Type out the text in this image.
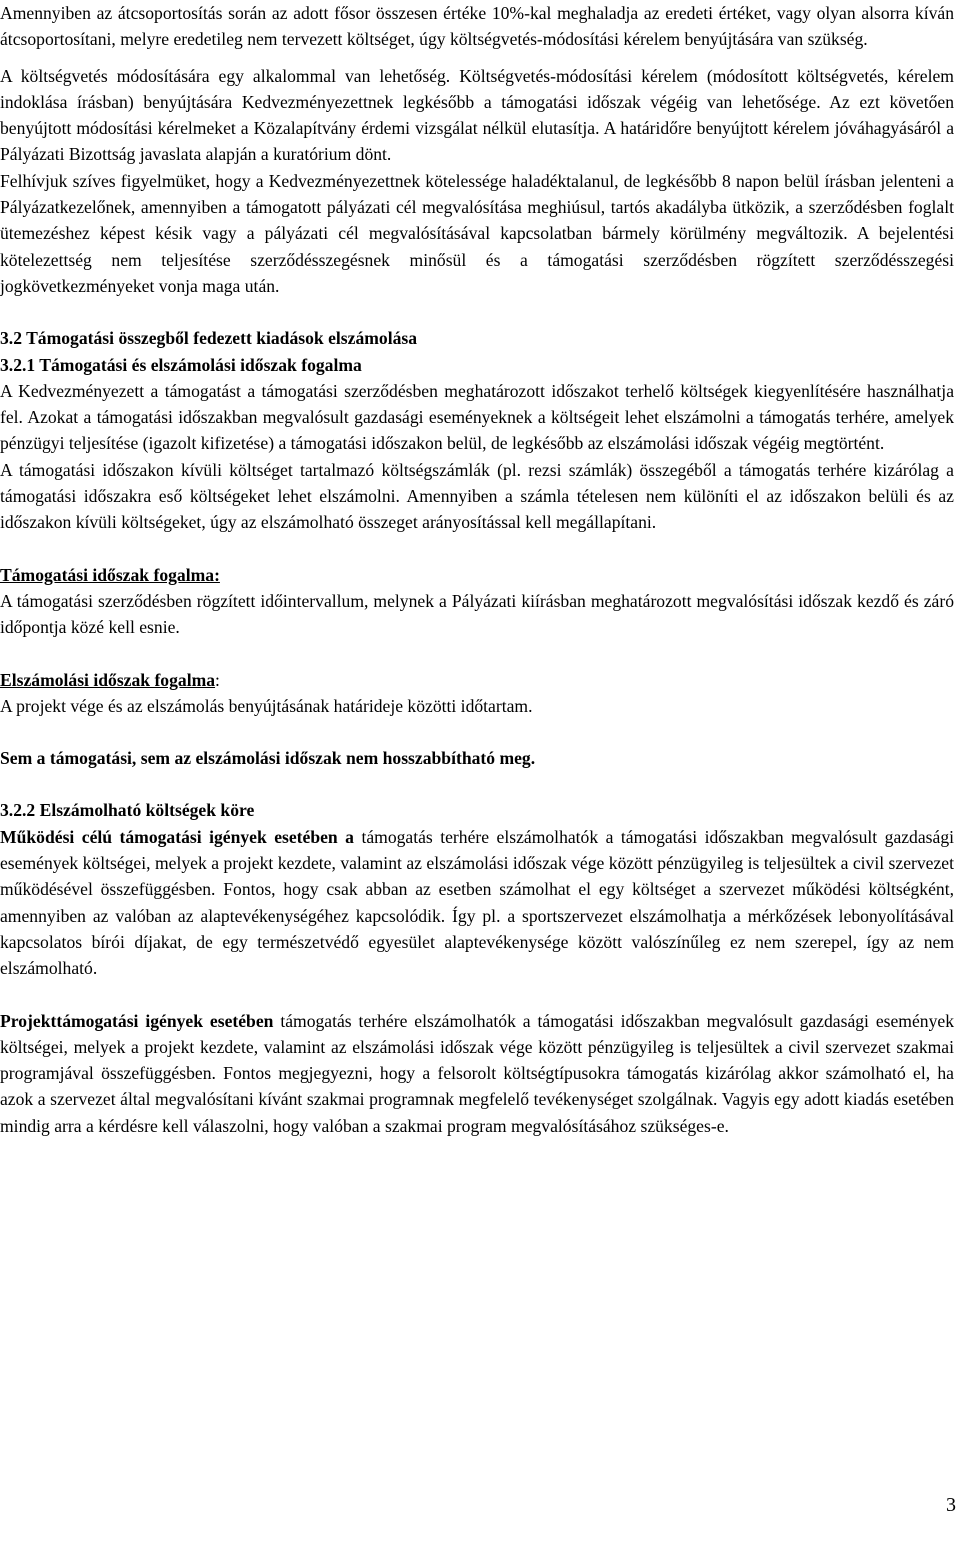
Amennyiben az átcsoportosítás során az adott fősor összesen értéke 10%-kal meghaladja az eredeti értéket, vagy olyan alsorra kíván átcsoportosítani, melyre eredetileg nem tervezett költséget, úgy költségvetés-módosítási kérelem benyújtására van szükség.

A költségvetés módosítására egy alkalommal van lehetőség. Költségvetés-módosítási kérelem (módosított költségvetés, kérelem indoklása írásban) benyújtására Kedvezményezettnek legkésőbb a támogatási időszak végéig van lehetősége. Az ezt követően benyújtott módosítási kérelmeket a Közalapítvány érdemi vizsgálat nélkül elutasítja. A határidőre benyújtott kérelem jóváhagyásáról a Pályázati Bizottság javaslata alapján a kuratórium dönt.

Felhívjuk szíves figyelmüket, hogy a Kedvezményezettnek kötelessége haladéktalanul, de legkésőbb 8 napon belül írásban jelenteni a Pályázatkezelőnek, amennyiben a támogatott pályázati cél megvalósítása meghiúsul, tartós akadályba ütközik, a szerződésben foglalt ütemezéshez képest késik vagy a pályázati cél megvalósításával kapcsolatban bármely körülmény megváltozik. A bejelentési kötelezettség nem teljesítése szerződésszegésnek minősül és a támogatási szerződésben rögzített szerződésszegési jogkövetkezményeket vonja maga után.

3.2 Támogatási összegből fedezett kiadások elszámolása

3.2.1 Támogatási és elszámolási időszak fogalma

A Kedvezményezett a támogatást a támogatási szerződésben meghatározott időszakot terhelő költségek kiegyenlítésére használhatja fel. Azokat a támogatási időszakban megvalósult gazdasági eseményeknek a költségeit lehet elszámolni a támogatás terhére, amelyek pénzügyi teljesítése (igazolt kifizetése) a támogatási időszakon belül, de legkésőbb az elszámolási időszak végéig megtörtént.

A támogatási időszakon kívüli költséget tartalmazó költségszámlák (pl. rezsi számlák) összegéből a támogatás terhére kizárólag a támogatási időszakra eső költségeket lehet elszámolni. Amennyiben a számla tételesen nem különíti el az időszakon belüli és az időszakon kívüli költségeket, úgy az elszámolható összeget arányosítással kell megállapítani.

Támogatási időszak fogalma:

A támogatási szerződésben rögzített időintervallum, melynek a Pályázati kiírásban meghatározott megvalósítási időszak kezdő és záró időpontja közé kell esnie.

Elszámolási időszak fogalma:

A projekt vége és az elszámolás benyújtásának határideje közötti időtartam.

Sem a támogatási, sem az elszámolási időszak nem hosszabbítható meg.

3.2.2 Elszámolható költségek köre

Működési célú támogatási igények esetében a támogatás terhére elszámolhatók a támogatási időszakban megvalósult gazdasági események költségei, melyek a projekt kezdete, valamint az elszámolási időszak vége között pénzügyileg is teljesültek a civil szervezet működésével összefüggésben. Fontos, hogy csak abban az esetben számolhat el egy költséget a szervezet működési költségként, amennyiben az valóban az alaptevékenységéhez kapcsolódik. Így pl. a sportszervezet elszámolhatja a mérkőzések lebonyolításával kapcsolatos bírói díjakat, de egy természetvédő egyesület alaptevékenysége között valószínűleg ez nem szerepel, így az nem elszámolható.

Projekttámogatási igények esetében támogatás terhére elszámolhatók a támogatási időszakban megvalósult gazdasági események költségei, melyek a projekt kezdete, valamint az elszámolási időszak vége között pénzügyileg is teljesültek a civil szervezet szakmai programjával összefüggésben. Fontos megjegyezni, hogy a felsorolt költségtípusokra támogatás kizárólag akkor számolható el, ha azok a szervezet által megvalósítani kívánt szakmai programnak megfelelő tevékenységet szolgálnak. Vagyis egy adott kiadás esetében mindig arra a kérdésre kell válaszolni, hogy valóban a szakmai program megvalósításához szükséges-e.

3
